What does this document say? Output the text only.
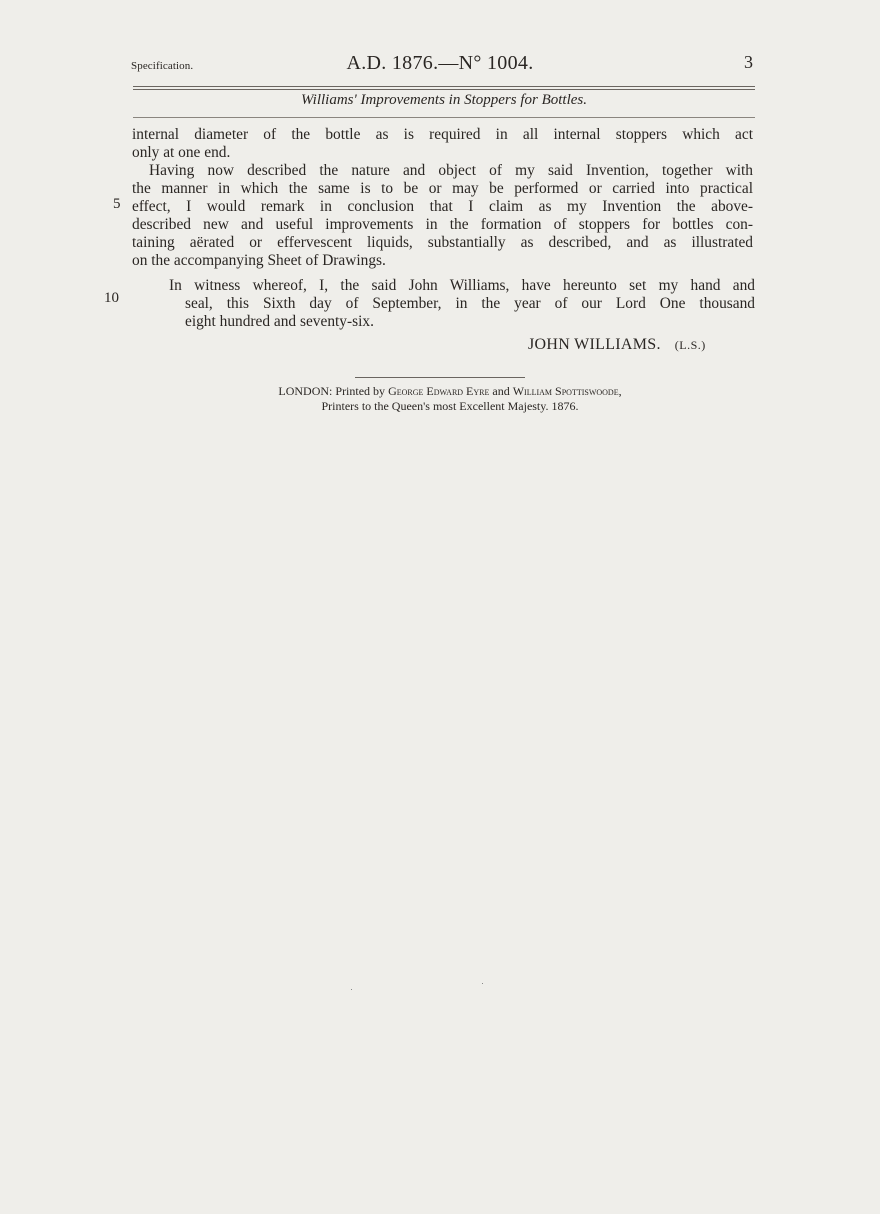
Specification.	A.D. 1876.—N° 1004.	3
Williams' Improvements in Stoppers for Bottles.
internal diameter of the bottle as is required in all internal stoppers which act
only at one end.
Having now described the nature and object of my said Invention, together with
the manner in which the same is to be or may be performed or carried into practical
effect, I would remark in conclusion that I claim as my Invention the above-
described new and useful improvements in the formation of stoppers for bottles con-
taining aërated or effervescent liquids, substantially as described, and as illustrated
on the accompanying Sheet of Drawings.
In witness whereof, I, the said John Williams, have hereunto set my hand and
seal, this Sixth day of September, in the year of our Lord One thousand
eight hundred and seventy-six.
5
10
JOHN WILLIAMS. (L.S.)
LONDON: Printed by George Edward Eyre and William Spottiswoode,
Printers to the Queen's most Excellent Majesty. 1876.
